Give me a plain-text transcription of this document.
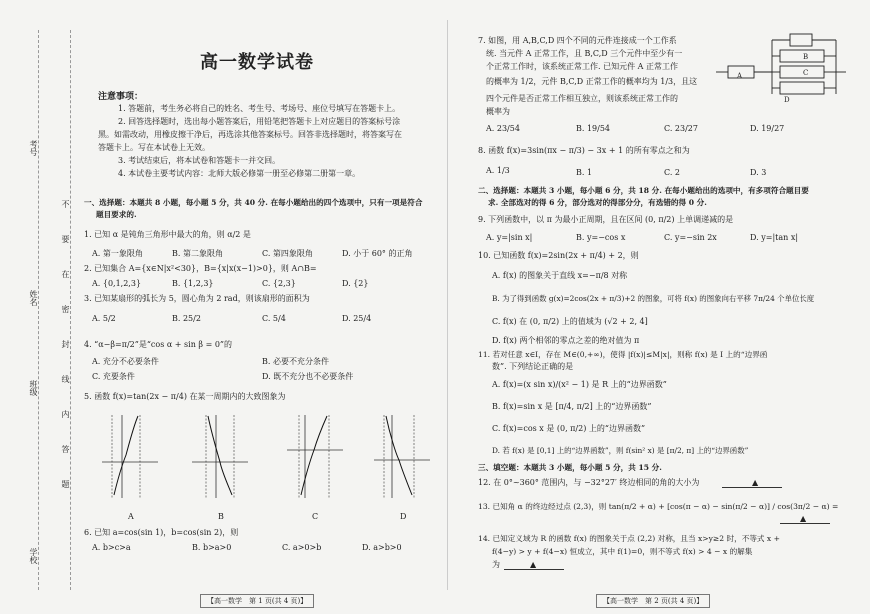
考号
姓名
班级
学校
不
要
在
密
封
线
内
答
题
高一数学试卷
注意事项：
1. 答题前，考生务必将自己的姓名、考生号、考场号、座位号填写在答题卡上。
2. 回答选择题时，选出每小题答案后，用铅笔把答题卡上对应题目的答案标号涂
黑。如需改动，用橡皮擦干净后，再选涂其他答案标号。回答非选择题时，将答案写在
答题卡上。写在本试卷上无效。
3. 考试结束后，将本试卷和答题卡一并交回。
4. 本试卷主要考试内容：北师大版必修第一册至必修第二册第一章。
一、选择题：本题共 8 小题，每小题 5 分，共 40 分. 在每小题给出的四个选项中，只有一项是符合
题目要求的.
1. 已知 α 是钝角三角形中最大的角，则 α/2 是
A. 第一象限角	B. 第二象限角	C. 第四象限角	D. 小于 60° 的正角
2. 已知集合 A={x∈N|x²<30}，B={x|x(x−1)>0}，则 A∩B=
A. {0,1,2,3}	B. {1,2,3}	C. {2,3}	D. {2}
3. 已知某扇形的弧长为 5，圆心角为 2 rad，则该扇形的面积为
A. 5/2	B. 25/2	C. 5/4	D. 25/4
4. “α−β=π/2”是“cos α + sin β = 0”的
A. 充分不必要条件	B. 必要不充分条件
C. 充要条件	D. 既不充分也不必要条件
5. 函数 f(x)=tan(2x − π/4) 在某一周期内的大致图象为
A	B	C	D
6. 已知 a=cos(sin 1)，b=cos(sin 2)，则
A. b>c>a	B. b>a>0	C. a>0>b	D. a>b>0
【高一数学　第 1 页(共 4 页)】
7. 如图，用 A,B,C,D 四个不同的元件连接成一个工作系
统. 当元件 A 正常工作，且 B,C,D 三个元件中至少有一
个正常工作时，该系统正常工作. 已知元件 A 正常工作
的概率为 1/2，元件 B,C,D 正常工作的概率均为 1/3，且这
四个元件是否正常工作相互独立，则该系统正常工作的
概率为
A. 23/54	B. 19/54	C. 23/27	D. 19/27
A
B
C
D
8. 函数 f(x)=3sin(πx − π/3) − 3x + 1 的所有零点之和为
A. 1/3	B. 1	C. 2	D. 3
二、选择题：本题共 3 小题，每小题 6 分，共 18 分. 在每小题给出的选项中，有多项符合题目要
求. 全部选对的得 6 分，部分选对的得部分分，有选错的得 0 分.
9. 下列函数中，以 π 为最小正周期，且在区间 (0, π/2) 上单调递减的是
A. y=|sin x|	B. y=−cos x	C. y=−sin 2x	D. y=|tan x|
10. 已知函数 f(x)=2sin(2x + π/4) + 2，则
A. f(x) 的图象关于直线 x=−π/8 对称
B. 为了得到函数 g(x)=2cos(2x + π/3)+2 的图象，可将 f(x) 的图象向右平移 7π/24 个单位长度
C. f(x) 在 (0, π/2) 上的值域为 (√2 + 2, 4]
D. f(x) 两个相邻的零点之差的绝对值为 π
11. 若对任意 x∈I，存在 M∈(0,+∞)，使得 |f(x)|≤M|x|，则称 f(x) 是 I 上的“边界函
数”. 下列结论正确的是
A. f(x)=(x sin x)/(x² − 1) 是 R 上的“边界函数”
B. f(x)=sin x 是 [π/4, π/2] 上的“边界函数”
C. f(x)=cos x 是 (0, π/2) 上的“边界函数”
D. 若 f(x) 是 [0,1] 上的“边界函数”，则 f(sin² x) 是 [π/2, π] 上的“边界函数”
三、填空题：本题共 3 小题，每小题 5 分，共 15 分.
12. 在 0°~360° 范围内，与 −32°27′ 终边相同的角的大小为	▲
13. 已知角 α 的终边经过点 (2,3)，则 tan(π/2 + α) + [cos(π − α) − sin(π/2 − α)] / cos(3π/2 − α) =
▲
14. 已知定义域为 R 的函数 f(x) 的图象关于点 (2,2) 对称，且当 x>y≥2 时，不等式 x +
f(4−y) > y + f(4−x) 恒成立，其中 f(1)=0，则不等式 f(x) > 4 − x 的解集
为	▲
【高一数学　第 2 页(共 4 页)】
